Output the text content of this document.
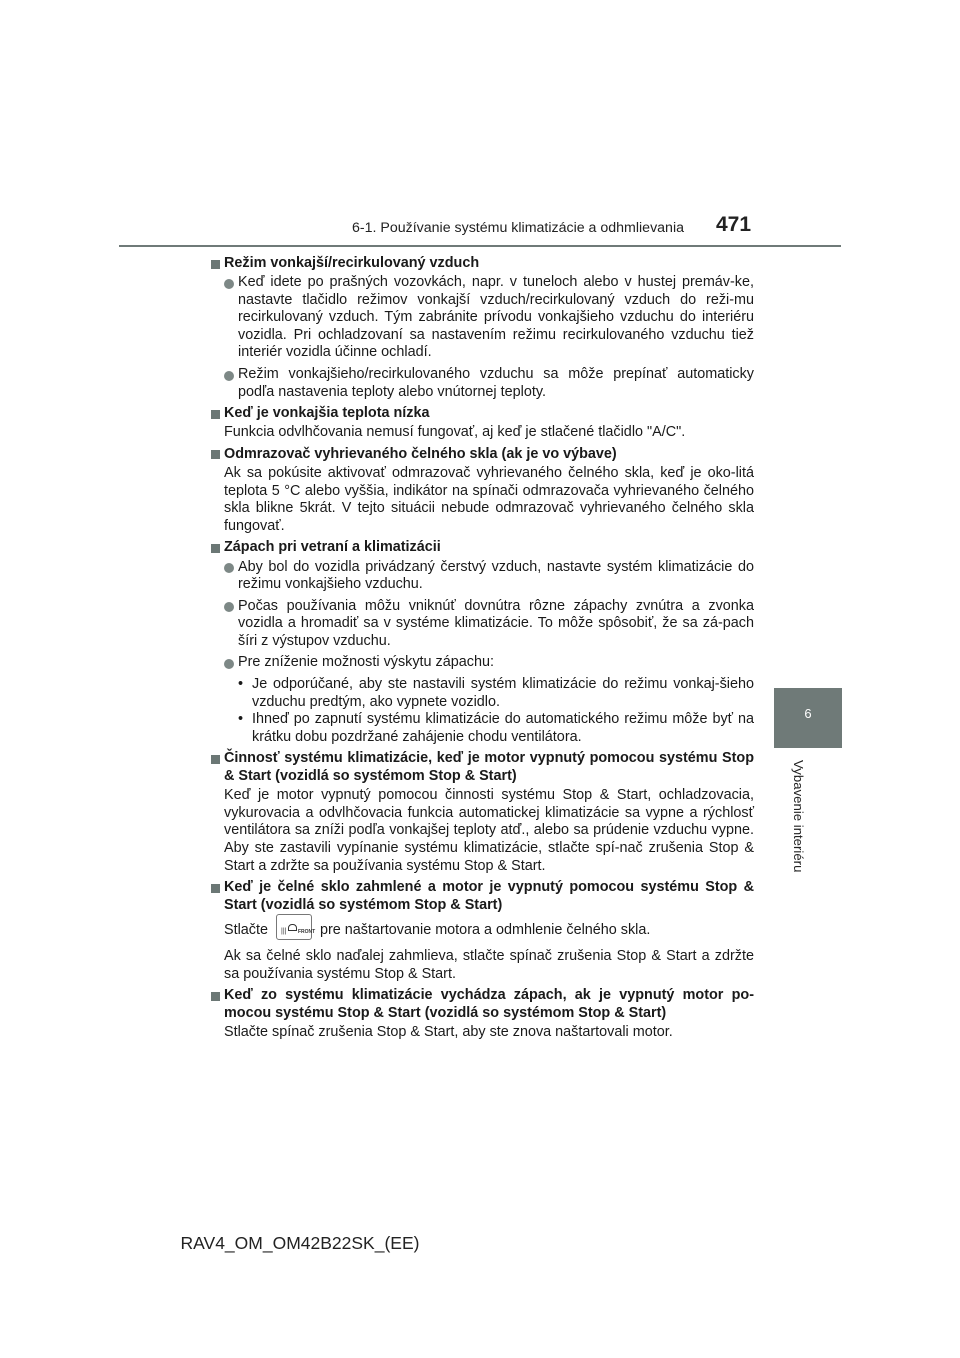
6-1. Používanie systému klimatizácie a odhmlievania	471
6
Vybavenie interiéru
Režim vonkajší/recirkulovaný vzduch
Keď idete po prašných vozovkách, napr. v tuneloch alebo v hustej premáv-ke, nastavte tlačidlo režimov vonkajší vzduch/recirkulovaný vzduch do reži-mu recirkulovaný vzduch. Tým zabránite prívodu vonkajšieho vzduchu do interiéru vozidla. Pri ochladzovaní sa nastavením režimu recirkulovaného vzduchu tiež interiér vozidla účinne ochladí.
Režim vonkajšieho/recirkulovaného vzduchu sa môže prepínať automaticky podľa nastavenia teploty alebo vnútornej teploty.
Keď je vonkajšia teplota nízka
Funkcia odvlhčovania nemusí fungovať, aj keď je stlačené tlačidlo "A/C".
Odmrazovač vyhrievaného čelného skla (ak je vo výbave)
Ak sa pokúsite aktivovať odmrazovač vyhrievaného čelného skla, keď je oko-litá teplota 5 °C alebo vyššia, indikátor na spínači odmrazovača vyhrievaného čelného skla blikne 5krát. V tejto situácii nebude odmrazovač vyhrievaného čelného skla fungovať.
Zápach pri vetraní a klimatizácii
Aby bol do vozidla privádzaný čerstvý vzduch, nastavte systém klimatizácie do režimu vonkajšieho vzduchu.
Počas používania môžu vniknúť dovnútra rôzne zápachy zvnútra a zvonka vozidla a hromadiť sa v systéme klimatizácie. To môže spôsobiť, že sa zá-pach šíri z výstupov vzduchu.
Pre zníženie možnosti výskytu zápachu:
• Je odporúčané, aby ste nastavili systém klimatizácie do režimu vonkaj-šieho vzduchu predtým, ako vypnete vozidlo.
• Ihneď po zapnutí systému klimatizácie do automatického režimu môže byť na krátku dobu pozdržané zahájenie chodu ventilátora.
Činnosť systému klimatizácie, keď je motor vypnutý pomocou systému Stop & Start (vozidlá so systémom Stop & Start)
Keď je motor vypnutý pomocou činnosti systému Stop & Start, ochladzovacia, vykurovacia a odvlhčovacia funkcia automatickej klimatizácie sa vypne a rýchlosť ventilátora sa zníži podľa vonkajšej teploty atď., alebo sa prúdenie vzduchu vypne. Aby ste zastavili vypínanie systému klimatizácie, stlačte spí-nač zrušenia Stop & Start a zdržte sa používania systému Stop & Start.
Keď je čelné sklo zahmlené a motor je vypnutý pomocou systému Stop & Start (vozidlá so systémom Stop & Start)
Stlačte ||| FRONT pre naštartovanie motora a odmhlenie čelného skla.
Ak sa čelné sklo naďalej zahmlieva, stlačte spínač zrušenia Stop & Start a zdržte sa používania systému Stop & Start.
Keď zo systému klimatizácie vychádza zápach, ak je vypnutý motor po-mocou systému Stop & Start (vozidlá so systémom Stop & Start)
Stlačte spínač zrušenia Stop & Start, aby ste znova naštartovali motor.
RAV4_OM_OM42B22SK_(EE)
